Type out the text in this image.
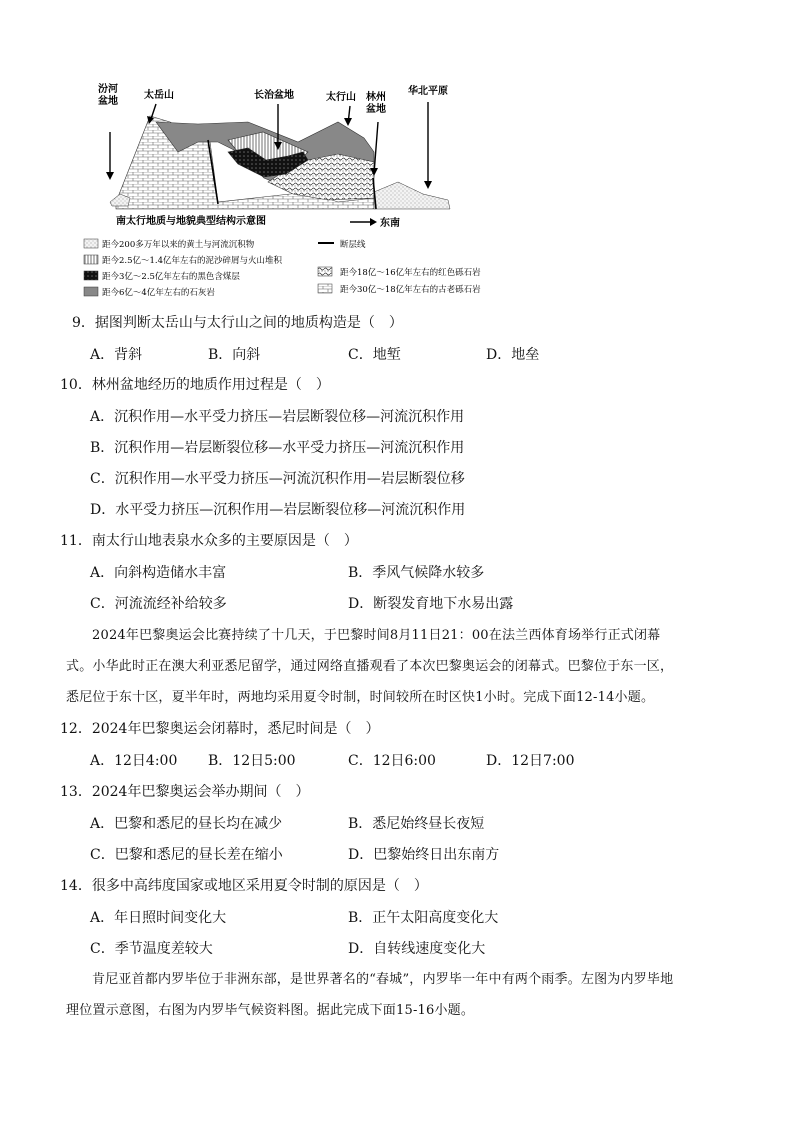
汾河
盆地
太岳山	长治盆地	太行山 林州
盆地
华北平原
南太行地质与地貌典型结构示意图	东南
距今200多万年以来的黄土与河流沉积物
距今2.5亿～1.4亿年左右的泥沙碎屑与火山堆积
距今3亿～2.5亿年左右的黑色含煤层
距今6亿～4亿年左右的石灰岩
断层线
距今18亿～16亿年左右的红色砾石岩
距今30亿～18亿年左右的古老砾石岩
9．据图判断太岳山与太行山之间的地质构造是（　）
A．背斜	B．向斜	C．地堑	D．地垒
10．林州盆地经历的地质作用过程是（　）
A．沉积作用—水平受力挤压—岩层断裂位移—河流沉积作用
B．沉积作用—岩层断裂位移—水平受力挤压—河流沉积作用
C．沉积作用—水平受力挤压—河流沉积作用—岩层断裂位移
D．水平受力挤压—沉积作用—岩层断裂位移—河流沉积作用
11．南太行山地表泉水众多的主要原因是（　）
A．向斜构造储水丰富	B．季风气候降水较多
C．河流流经补给较多	D．断裂发育地下水易出露
2024年巴黎奥运会比赛持续了十几天，于巴黎时间8月11日21：00在法兰西体育场举行正式闭幕
式。小华此时正在澳大利亚悉尼留学，通过网络直播观看了本次巴黎奥运会的闭幕式。巴黎位于东一区，
悉尼位于东十区，夏半年时，两地均采用夏令时制，时间较所在时区快1小时。完成下面12-14小题。
12．2024年巴黎奥运会闭幕时，悉尼时间是（　）
A．12日4:00 B．12日5:00	C．12日6:00	D．12日7:00
13．2024年巴黎奥运会举办期间（　）
A．巴黎和悉尼的昼长均在减少	B．悉尼始终昼长夜短
C．巴黎和悉尼的昼长差在缩小	D．巴黎始终日出东南方
14．很多中高纬度国家或地区采用夏令时制的原因是（　）
A．年日照时间变化大	B．正午太阳高度变化大
C．季节温度差较大	D．自转线速度变化大
肯尼亚首都内罗毕位于非洲东部，是世界著名的“春城”，内罗毕一年中有两个雨季。左图为内罗毕地
理位置示意图，右图为内罗毕气候资料图。据此完成下面15-16小题。
